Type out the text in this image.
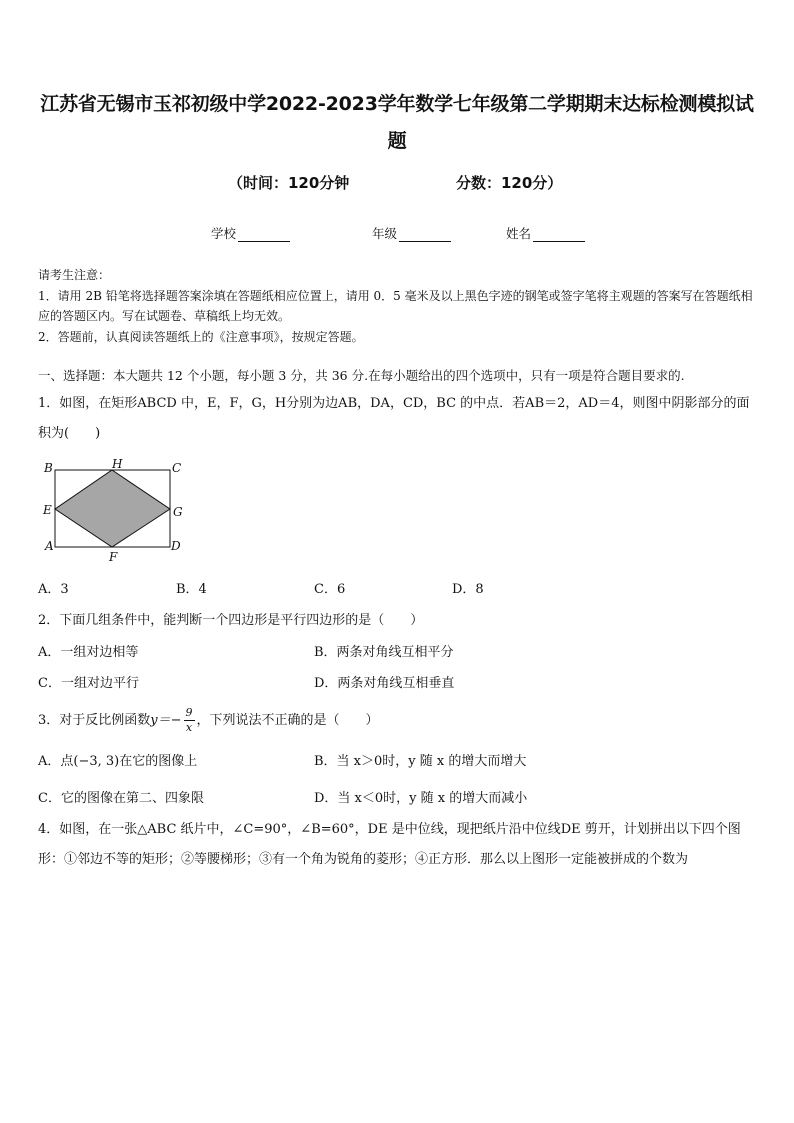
江苏省无锡市玉祁初级中学2022-2023学年数学七年级第二学期期末达标检测模拟试题
（时间：120分钟	分数：120分）
学校	年级	姓名

请考生注意：

1．请用 2B 铅笔将选择题答案涂填在答题纸相应位置上，请用 0．5 毫米及以上黑色字迹的钢笔或签字笔将主观题的答案写在答题纸相应的答题区内。写在试题卷、草稿纸上均无效。

2．答题前，认真阅读答题纸上的《注意事项》，按规定答题。

一、选择题：本大题共 12 个小题，每小题 3 分，共 36 分.在每小题给出的四个选项中，只有一项是符合题目要求的.

1．如图，在矩形ABCD 中，E，F，G，H分别为边AB，DA，CD，BC 的中点．若AB＝2，AD＝4，则图中阴影部分的面积为(　　)

B	H	C
E	G
A
F
D
A．3	B．4	C．6	D．8

2．下面几组条件中，能判断一个四边形是平行四边形的是（　　）

A．一组对边相等	B．两条对角线互相平分
C．一组对边平行	D．两条对角线互相垂直
3．对于反比例函数$y=- \frac{9}{x}$ ，下列说法不正确的是（　　）
A．点(−3, 3)在它的图像上	B．当 x＞0时，y 随 x 的增大而增大
C．它的图像在第二、四象限	D．当 x＜0时，y 随 x 的增大而减小

4．如图，在一张△ABC 纸片中，∠C=90°，∠B=60°，DE 是中位线，现把纸片沿中位线DE 剪开，计划拼出以下四个图形：①邻边不等的矩形；②等腰梯形；③有一个角为锐角的菱形；④正方形．那么以上图形一定能被拼成的个数为
